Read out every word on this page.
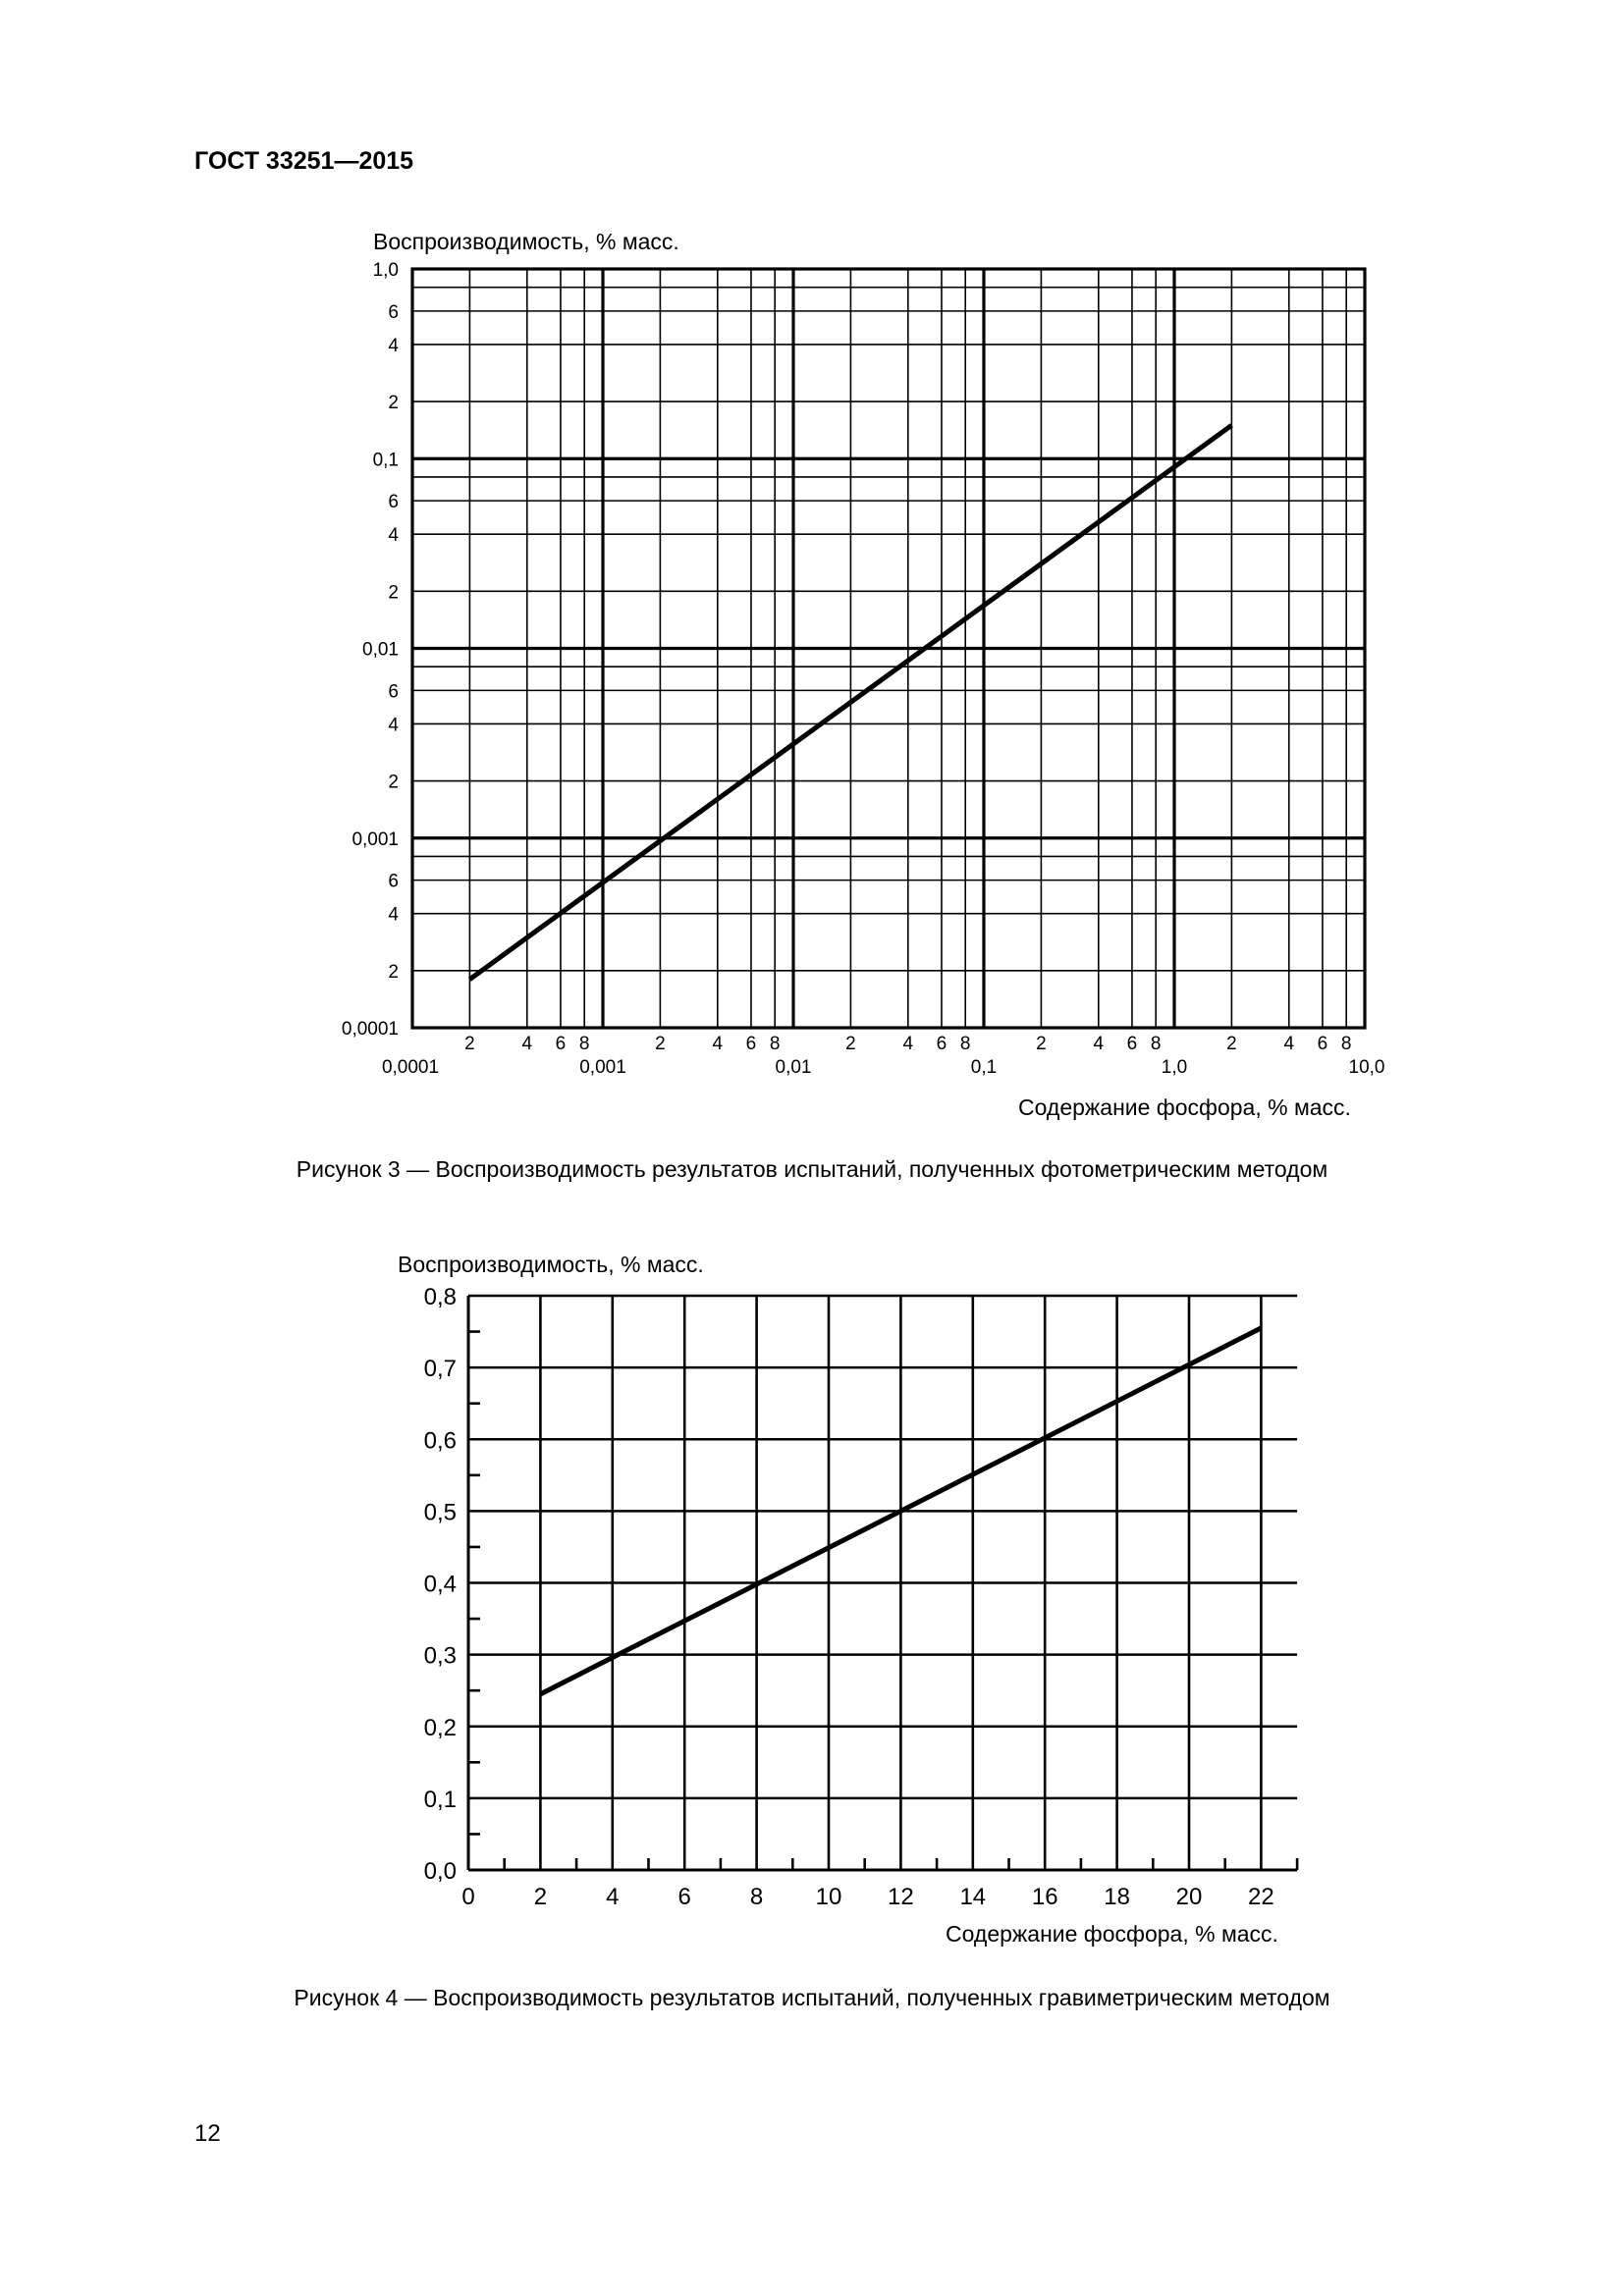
ГОСТ 33251—2015
Воспроизводимость, % масс.
0,0001
0,001
0,01
0,1
1,0
2
4
6
2
4
6
2
4
6
2
4
6
2	4 6 8	2	4 6 8	2	4 6 8	2	4 6 8	2	4 6 8
0,0001	0,001	0,01	0,1	1,0	10,0
Содержание фосфора, % масс.
Рисунок 3 — Воспроизводимость результатов испытаний, полученных фотометрическим методом
Воспроизводимость, % масс.
0,0
0,1
0,2
0,3
0,4
0,5
0,6
0,7
0,8
0	2	4	6	8 10 12 14 16 18 20 22
Содержание фосфора, % масс.
Рисунок 4 — Воспроизводимость результатов испытаний, полученных гравиметрическим методом
12
